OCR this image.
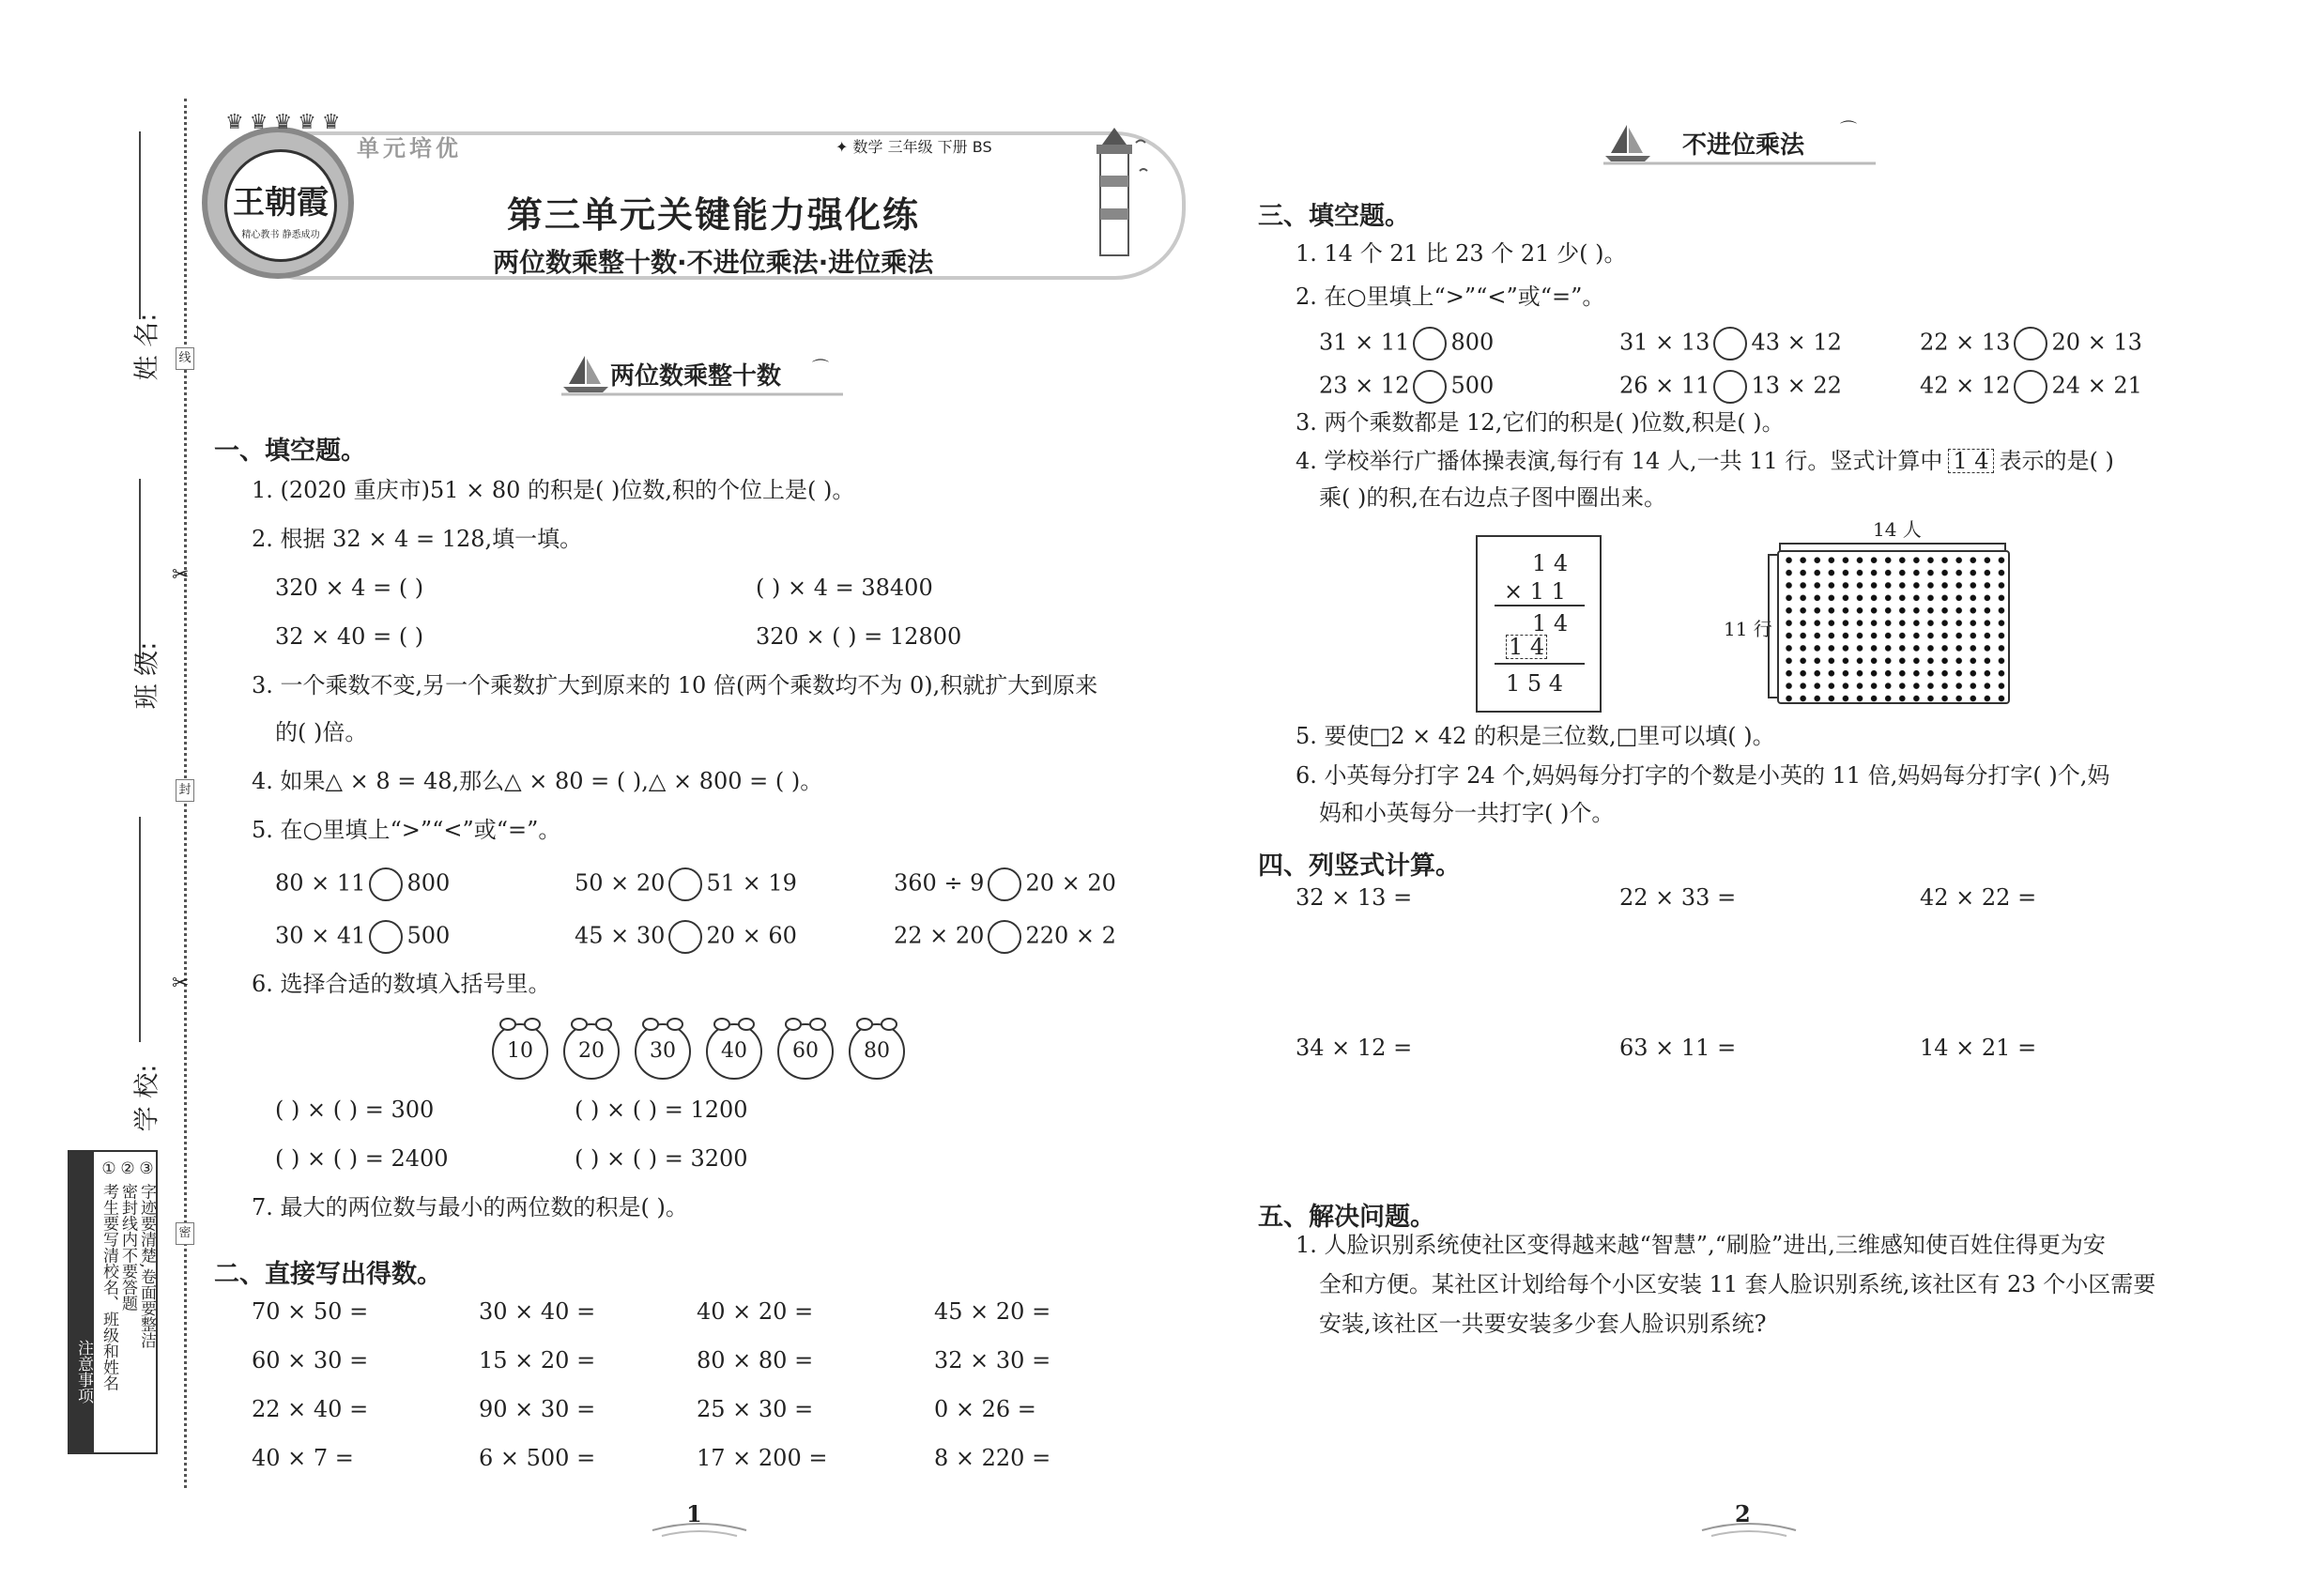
线
封
密
✂
✂
姓 名:
班 级:
学 校:
注意事项 ① 考生要写清校名、班级和姓名 ② 密封线内不要答题 ③ 字迹要清楚,卷面要整洁
单元培优	✦ 数学 三年级 下册 BS
王朝霞
精心教书 静悉成功
♛♛♛♛♛
第三单元关键能力强化练
两位数乘整十数·不进位乘法·进位乘法
两位数乘整十数 ⌒
一、填空题。
1. (2020 重庆市)51 × 80 的积是( )位数,积的个位上是( )。
2. 根据 32 × 4 = 128,填一填。
320 × 4 = ( )	( ) × 4 = 38400
32 × 40 = ( )	320 × ( ) = 12800
3. 一个乘数不变,另一个乘数扩大到原来的 10 倍(两个乘数均不为 0),积就扩大到原来
的( )倍。
4. 如果△ × 8 = 48,那么△ × 80 = ( ),△ × 800 = ( )。
5. 在○里填上“>”“<”或“=”。
80 × 11 800	50 × 20 51 × 19	360 ÷ 9 20 × 20
30 × 41 500	45 × 30 20 × 60	22 × 20 220 × 2
6. 选择合适的数填入括号里。
10	20	30	40	60	80
( ) × ( ) = 300	( ) × ( ) = 1200
( ) × ( ) = 2400	( ) × ( ) = 3200
7. 最大的两位数与最小的两位数的积是( )。
二、直接写出得数。
1
不进位乘法
⌒
三、填空题。
1. 14 个 21 比 23 个 21 少( )。
2. 在○里填上“>”“<”或“=”。
31 × 11 800	31 × 13 43 × 12	22 × 13 20 × 13
23 × 12 500	26 × 11 13 × 22	42 × 12 24 × 21
3. 两个乘数都是 12,它们的积是( )位数,积是( )。
4. 学校举行广播体操表演,每行有 14 人,一共 11 行。竖式计算中 1 4 表示的是( )
乘( )的积,在右边点子图中圈出来。
1 4
× 1 1
1 4
1 4
1 5 4
14 人
11 行
5. 要使□2 × 42 的积是三位数,□里可以填( )。
6. 小英每分打字 24 个,妈妈每分打字的个数是小英的 11 倍,妈妈每分打字( )个,妈
妈和小英每分一共打字( )个。
四、列竖式计算。
32 × 13 =	22 × 33 =	42 × 22 =
34 × 12 =	63 × 11 =	14 × 21 =
五、解决问题。
1. 人脸识别系统使社区变得越来越“智慧”,“刷脸”进出,三维感知使百姓住得更为安
全和方便。某社区计划给每个小区安装 11 套人脸识别系统,该社区有 23 个小区需要
安装,该社区一共要安装多少套人脸识别系统?
2
70 × 50 =	30 × 40 =	40 × 20 =	45 × 20 =
60 × 30 =	15 × 20 =	80 × 80 =	32 × 30 =
22 × 40 =	90 × 30 =	25 × 30 =	0 × 26 =
40 × 7 =	6 × 500 =	17 × 200 =	8 × 220 =
